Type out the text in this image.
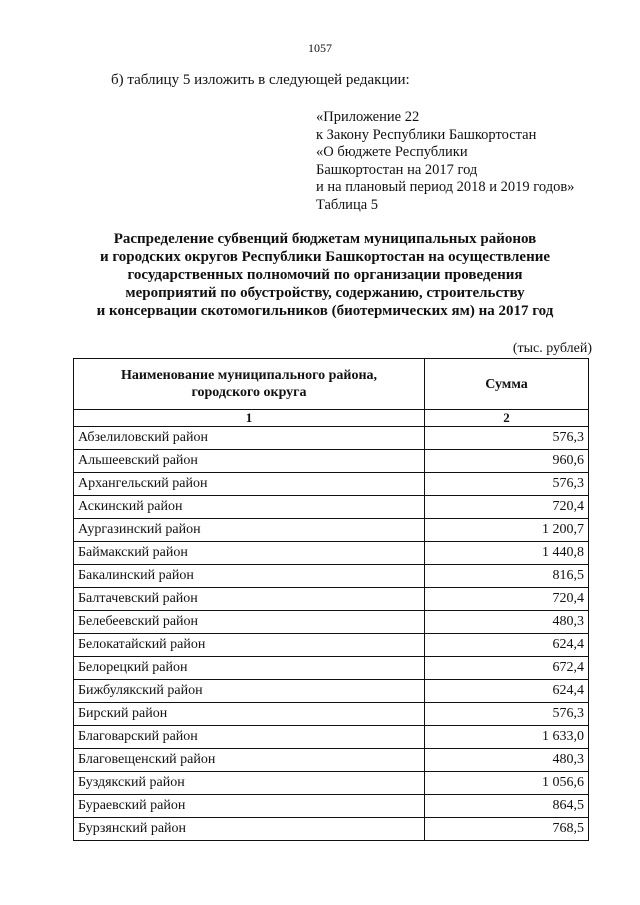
1057
б) таблицу 5 изложить в следующей редакции:
«Приложение 22
к Закону Республики Башкортостан
«О бюджете Республики
Башкортостан на 2017 год
и на плановый период 2018 и 2019 годов»
Таблица 5
Распределение субвенций бюджетам муниципальных районов
и городских округов Республики Башкортостан на осуществление
государственных полномочий по организации проведения
мероприятий по обустройству, содержанию, строительству
и консервации скотомогильников (биотермических ям) на 2017 год
(тыс. рублей)
Наименование муниципального района,
городского округа	Сумма
1	2
Абзелиловский район	576,3
Альшеевский район	960,6
Архангельский район	576,3
Аскинский район	720,4
Аургазинский район	1 200,7
Баймакский район	1 440,8
Бакалинский район	816,5
Балтачевский район	720,4
Белебеевский район	480,3
Белокатайский район	624,4
Белорецкий район	672,4
Бижбулякский район	624,4
Бирский район	576,3
Благоварский район	1 633,0
Благовещенский район	480,3
Буздякский район	1 056,6
Бураевский район	864,5
Бурзянский район	768,5
